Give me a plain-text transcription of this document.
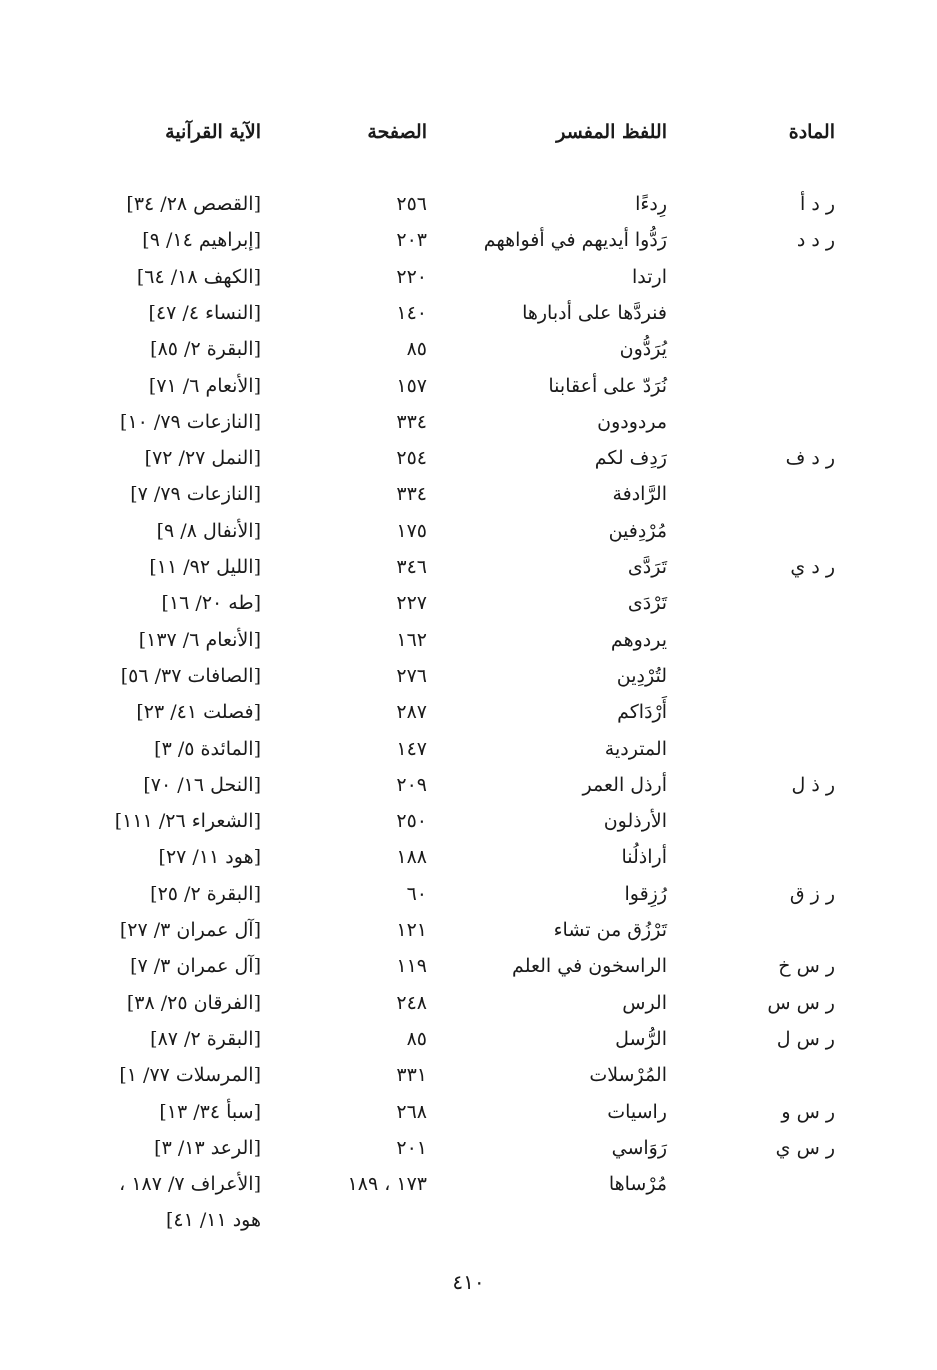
المادة
اللفظ المفسر
الصفحة
الآية القرآنية
ر د أ
رِدءًا
٢٥٦
[القصص ٢٨/ ٣٤]
ر د د
رَدُّوا أيديهم في أفواههم
٢٠٣
[إبراهيم ١٤/ ٩]
ارتدا
٢٢٠
[الكهف ١٨/ ٦٤]
فنردَّها على أدبارها
١٤٠
[النساء ٤/ ٤٧]
يُرَدُّون
٨٥
[البقرة ٢/ ٨٥]
نُرَدّ على أعقابنا
١٥٧
[الأنعام ٦/ ٧١]
مردودون
٣٣٤
[النازعات ٧٩/ ١٠]
ر د ف
رَدِف لكم
٢٥٤
[النمل ٢٧/ ٧٢]
الرَّادفة
٣٣٤
[النازعات ٧٩/ ٧]
مُرْدِفين
١٧٥
[الأنفال ٨/ ٩]
ر د ي
تَرَدَّى
٣٤٦
[الليل ٩٢/ ١١]
تَرْدَى
٢٢٧
[طه ٢٠/ ١٦]
يردوهم
١٦٢
[الأنعام ٦/ ١٣٧]
لتُرْدِين
٢٧٦
[الصافات ٣٧/ ٥٦]
أَرْدَاكم
٢٨٧
[فصلت ٤١/ ٢٣]
المتردية
١٤٧
[المائدة ٥/ ٣]
ر ذ ل
أرذل العمر
٢٠٩
[النحل ١٦/ ٧٠]
الأرذلون
٢٥٠
[الشعراء ٢٦/ ١١١]
أراذلُنا
١٨٨
[هود ١١/ ٢٧]
ر ز ق
رُزِقوا
٦٠
[البقرة ٢/ ٢٥]
تَرْزُق من تشاء
١٢١
[آل عمران ٣/ ٢٧]
ر س خ
الراسخون في العلم
١١٩
[آل عمران ٣/ ٧]
ر س س
الرس
٢٤٨
[الفرقان ٢٥/ ٣٨]
ر س ل
الرُّسل
٨٥
[البقرة ٢/ ٨٧]
المُرْسلات
٣٣١
[المرسلات ٧٧/ ١]
ر س و
راسيات
٢٦٨
[سبأ ٣٤/ ١٣]
ر س ي
رَوَاسي
٢٠١
[الرعد ١٣/ ٣]
مُرْساها
١٧٣ ، ١٨٩
[الأعراف ٧/ ١٨٧ ، هود ١١/ ٤١]
٤١٠
